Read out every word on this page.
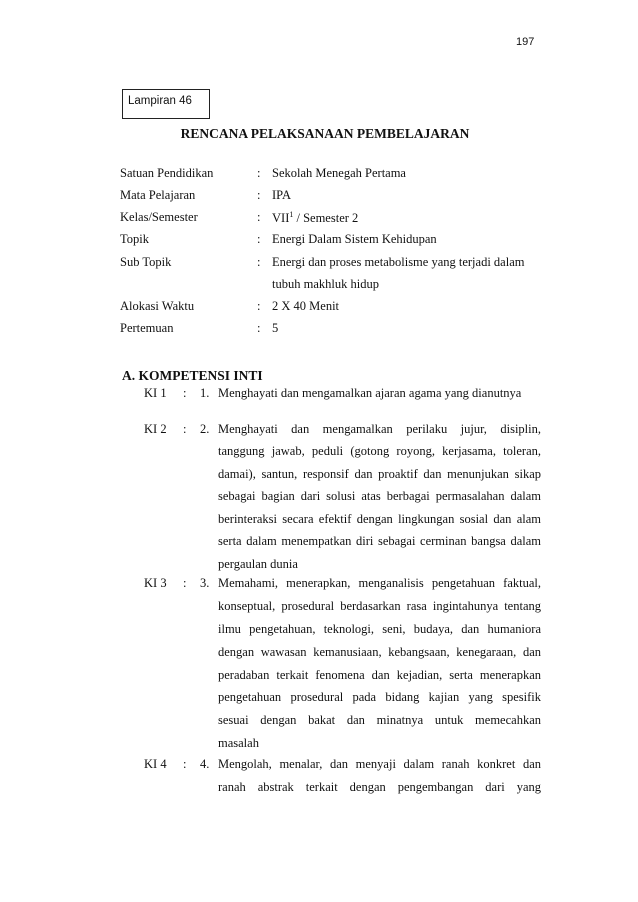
197
Lampiran 46
RENCANA PELAKSANAAN PEMBELAJARAN
Satuan Pendidikan	: Sekolah Menegah Pertama
Mata Pelajaran	: IPA
Kelas/Semester	: VII$^1$ / Semester 2
Topik	: Energi Dalam Sistem Kehidupan
Sub Topik	: Energi dan proses metabolisme yang terjadi dalam
tubuh makhluk hidup
Alokasi Waktu	: 2 X 40 Menit
Pertemuan	: 5
A. KOMPETENSI INTI
KI 1 : 1. Menghayati dan mengamalkan ajaran agama yang dianutnya
KI 2 : 2. Menghayati dan mengamalkan perilaku jujur, disiplin,
tanggung jawab, peduli (gotong royong, kerjasama, toleran,
damai), santun, responsif dan proaktif dan menunjukan sikap
sebagai bagian dari solusi atas berbagai permasalahan dalam
berinteraksi secara efektif dengan lingkungan sosial dan alam
serta dalam menempatkan diri sebagai cerminan bangsa dalam
pergaulan dunia
KI 3 : 3. Memahami, menerapkan, menganalisis pengetahuan faktual,
konseptual, prosedural berdasarkan rasa ingintahunya tentang
ilmu pengetahuan, teknologi, seni, budaya, dan humaniora
dengan wawasan kemanusiaan, kebangsaan, kenegaraan, dan
peradaban terkait fenomena dan kejadian, serta menerapkan
pengetahuan prosedural pada bidang kajian yang spesifik
sesuai dengan bakat dan minatnya untuk memecahkan
masalah
KI 4 : 4. Mengolah, menalar, dan menyaji dalam ranah konkret dan
ranah abstrak terkait dengan pengembangan dari yang
